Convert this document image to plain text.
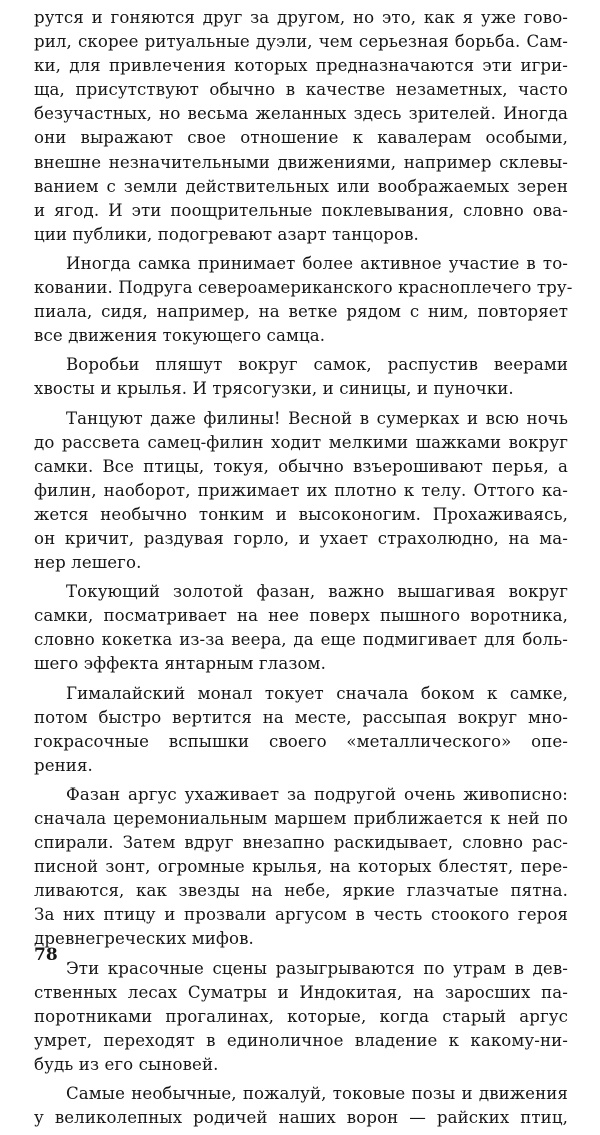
рутся и гоняются друг за другом, но это, как я уже гово-
рил, скорее ритуальные дуэли, чем серьезная борьба. Сам-
ки, для привлечения которых предназначаются эти игри-
ща, присутствуют обычно в качестве незаметных, часто
безучастных, но весьма желанных здесь зрителей. Иногда
они выражают свое отношение к кавалерам особыми,
внешне незначительными движениями, например склевы-
ванием с земли действительных или воображаемых зерен
и ягод. И эти поощрительные поклевывания, словно ова-
ции публики, подогревают азарт танцоров.
Иногда самка принимает более активное участие в то-
ковании. Подруга североамериканского красноплечего тру-
пиала, сидя, например, на ветке рядом с ним, повторяет
все движения токующего самца.
Воробьи пляшут вокруг самок, распустив веерами
хвосты и крылья. И трясогузки, и синицы, и пуночки.
Танцуют даже филины! Весной в сумерках и всю ночь
до рассвета самец-филин ходит мелкими шажками вокруг
самки. Все птицы, токуя, обычно взъерошивают перья, а
филин, наоборот, прижимает их плотно к телу. Оттого ка-
жется необычно тонким и высоконогим. Прохаживаясь,
он кричит, раздувая горло, и ухает страхолюдно, на ма-
нер лешего.
Токующий золотой фазан, важно вышагивая вокруг
самки, посматривает на нее поверх пышного воротника,
словно кокетка из-за веера, да еще подмигивает для боль-
шего эффекта янтарным глазом.
Гималайский монал токует сначала боком к самке,
потом быстро вертится на месте, рассыпая вокруг мно-
гокрасочные вспышки своего «металлического» опе-
рения.
Фазан аргус ухаживает за подругой очень живописно:
сначала церемониальным маршем приближается к ней по
спирали. Затем вдруг внезапно раскидывает, словно рас-
писной зонт, огромные крылья, на которых блестят, пере-
ливаются, как звезды на небе, яркие глазчатые пятна.
За них птицу и прозвали аргусом в честь стоокого героя
древнегреческих мифов.
Эти красочные сцены разыгрываются по утрам в дев-
ственных лесах Суматры и Индокитая, на заросших па-
поротниками прогалинах, которые, когда старый аргус
умрет, переходят в единоличное владение к какому-ни-
будь из его сыновей.
Самые необычные, пожалуй, токовые позы и движения
у великолепных родичей наших ворон — райских птиц,
78
